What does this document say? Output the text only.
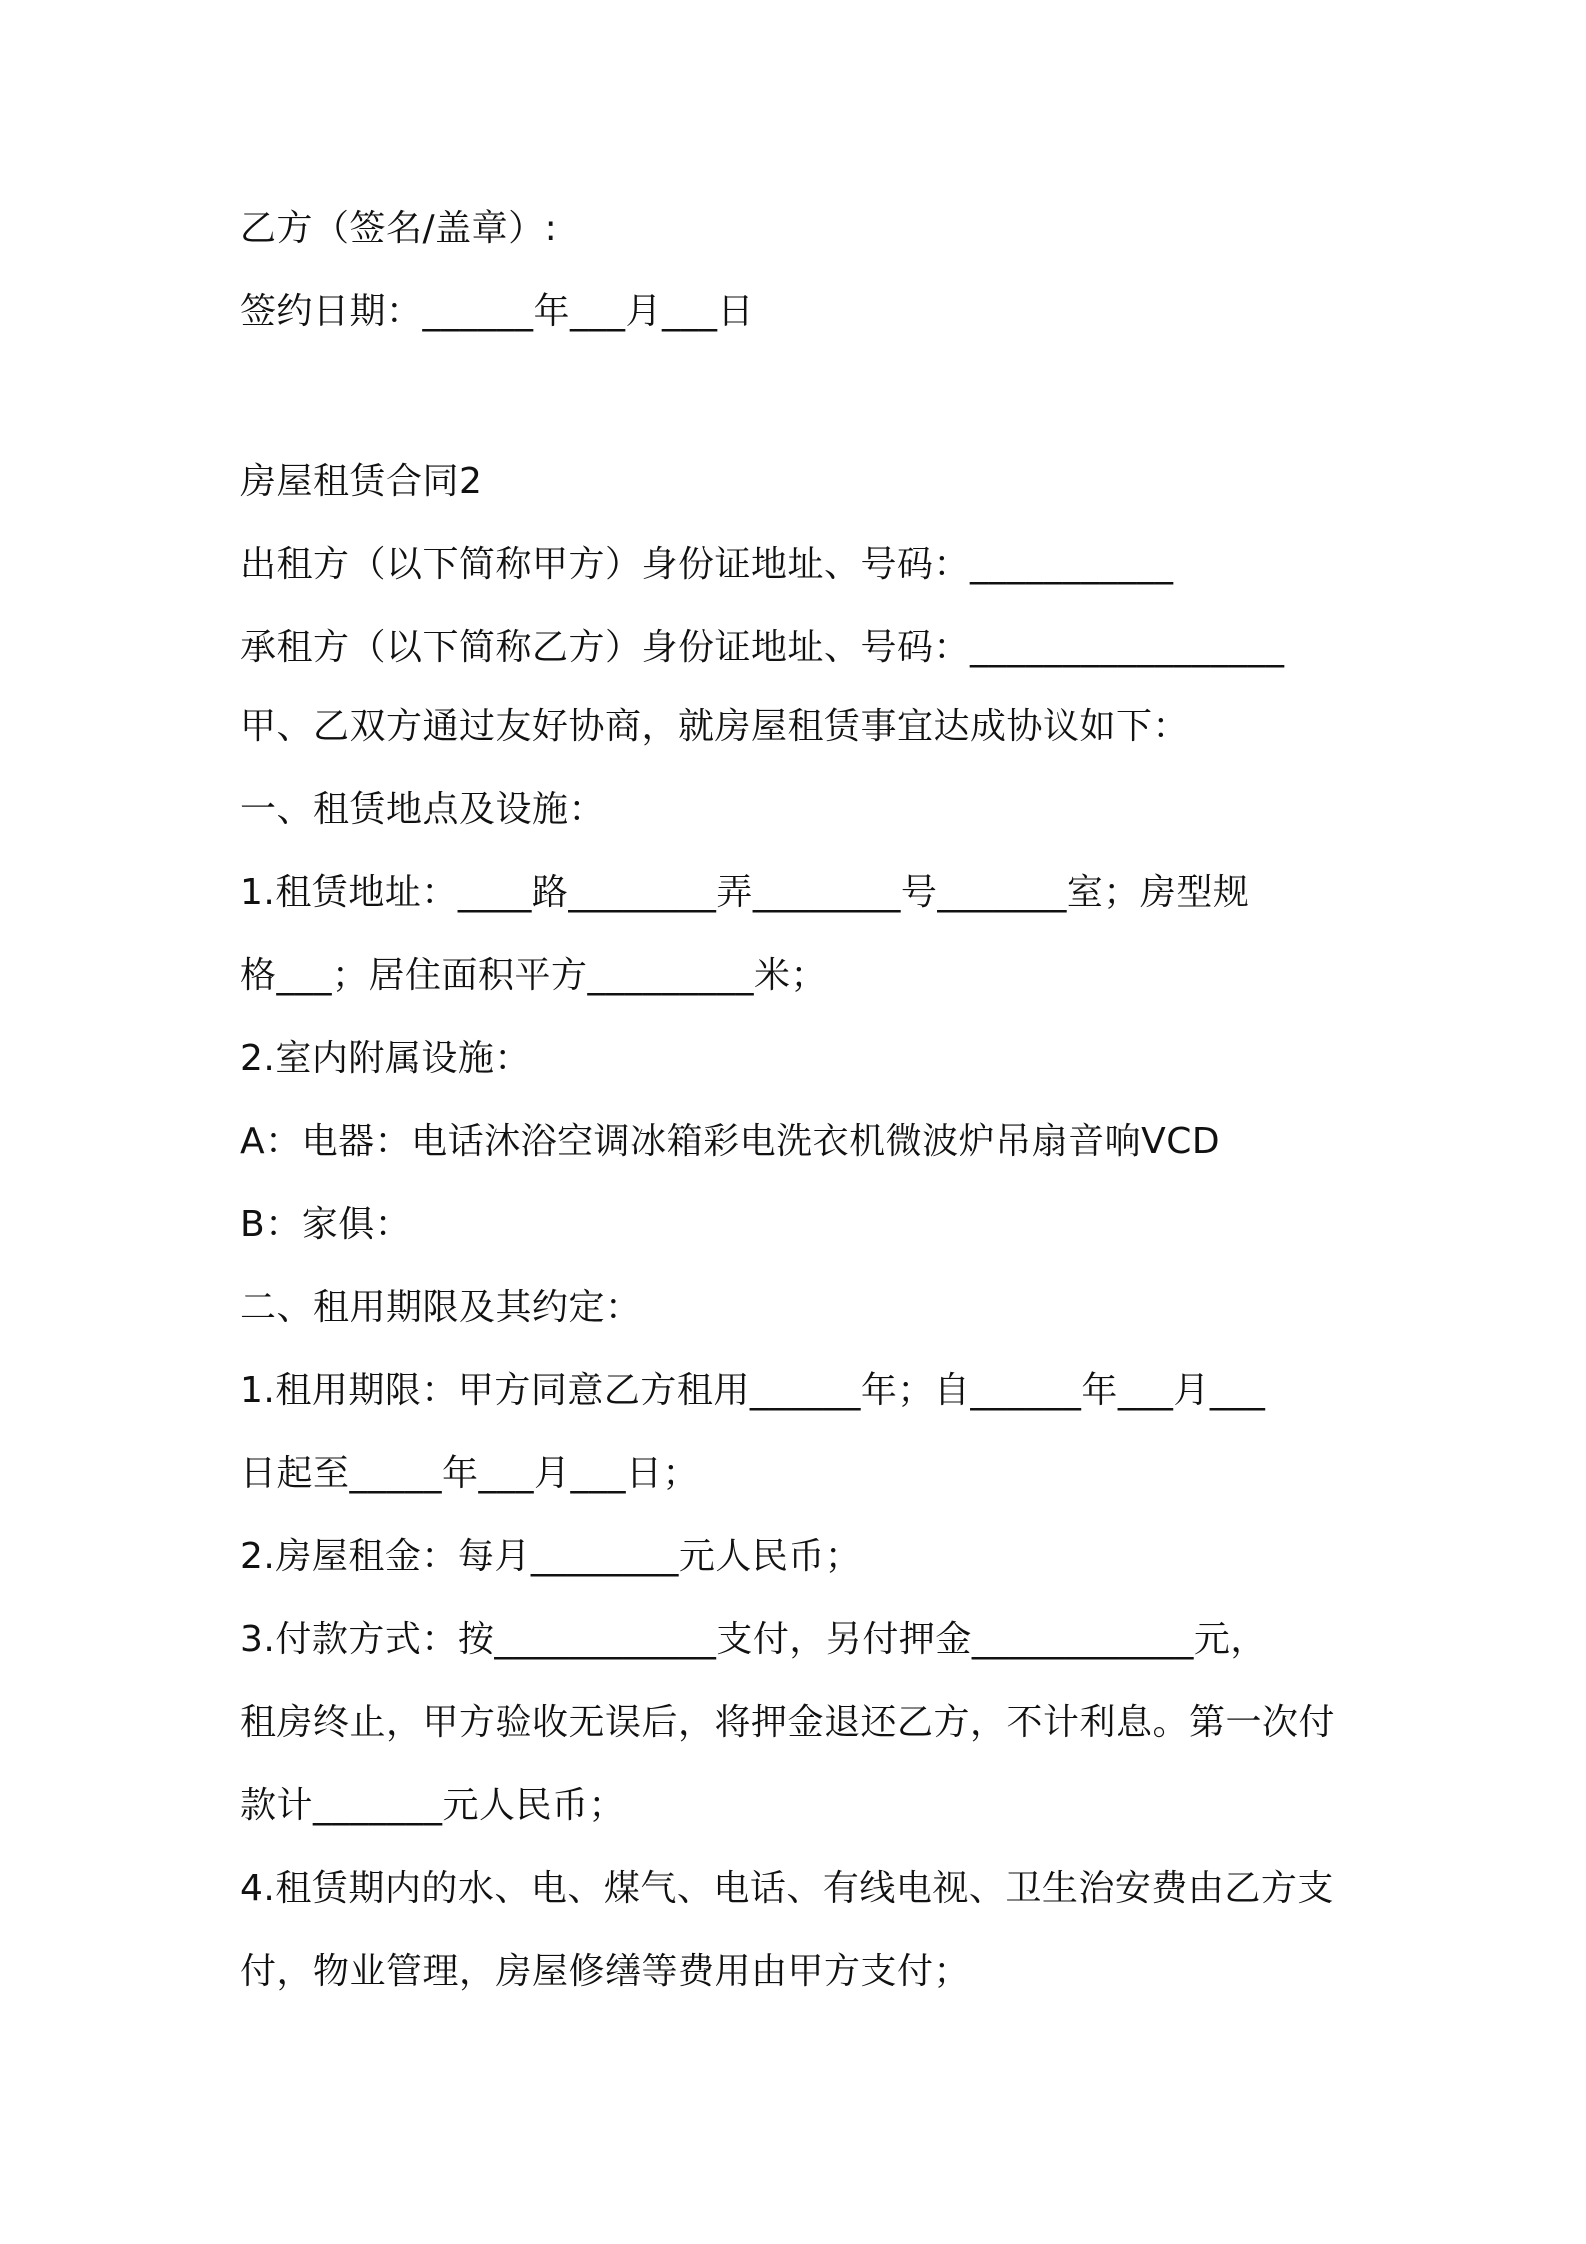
乙方（签名/盖章）:

签约日期：______年___月___日

房屋租赁合同2

出租方（以下简称甲方）身份证地址、号码：___________

承租方（以下简称乙方）身份证地址、号码：_________________

甲、乙双方通过友好协商，就房屋租赁事宜达成协议如下：

一、租赁地点及设施：

1.租赁地址：____路________弄________号_______室；房型规

格___；居住面积平方_________米；

2.室内附属设施：

A：电器：电话沐浴空调冰箱彩电洗衣机微波炉吊扇音响VCD

B：家俱：

二、租用期限及其约定：

1.租用期限：甲方同意乙方租用______年；自______年___月___

日起至_____年___月___日；

2.房屋租金：每月________元人民币；

3.付款方式：按____________支付，另付押金____________元，

租房终止，甲方验收无误后，将押金退还乙方，不计利息。第一次付

款计_______元人民币；

4.租赁期内的水、电、煤气、电话、有线电视、卫生治安费由乙方支

付，物业管理，房屋修缮等费用由甲方支付；
